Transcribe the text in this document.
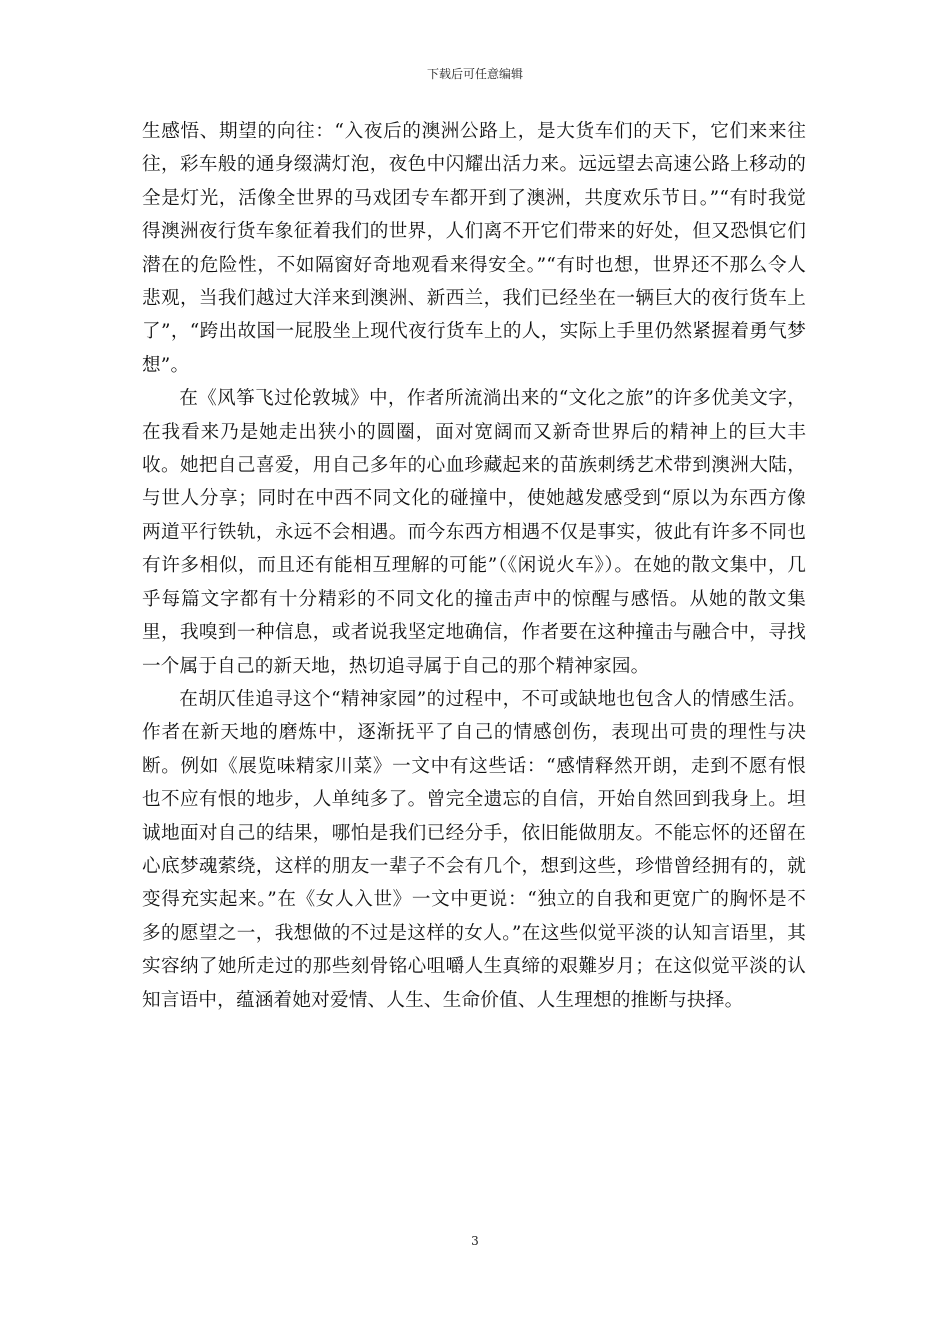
下载后可任意编辑

生感悟、期望的向往：“入夜后的澳洲公路上，是大货车们的天下，它们来来往往，彩车般的通身缀满灯泡，夜色中闪耀出活力来。远远望去高速公路上移动的全是灯光，活像全世界的马戏团专车都开到了澳洲，共度欢乐节日。”“有时我觉得澳洲夜行货车象征着我们的世界，人们离不开它们带来的好处，但又恐惧它们潜在的危险性，不如隔窗好奇地观看来得安全。”“有时也想，世界还不那么令人悲观，当我们越过大洋来到澳洲、新西兰，我们已经坐在一辆巨大的夜行货车上了”，“跨出故国一屁股坐上现代夜行货车上的人，实际上手里仍然紧握着勇气梦想”。

在《风筝飞过伦敦城》中，作者所流淌出来的“文化之旅”的许多优美文字，在我看来乃是她走出狭小的圆圈，面对宽阔而又新奇世界后的精神上的巨大丰收。她把自己喜爱，用自己多年的心血珍藏起来的苗族刺绣艺术带到澳洲大陆，与世人分享；同时在中西不同文化的碰撞中，使她越发感受到“原以为东西方像两道平行铁轨，永远不会相遇。而今东西方相遇不仅是事实，彼此有许多不同也有许多相似，而且还有能相互理解的可能”（《闲说火车》）。在她的散文集中，几乎每篇文字都有十分精彩的不同文化的撞击声中的惊醒与感悟。从她的散文集里，我嗅到一种信息，或者说我坚定地确信，作者要在这种撞击与融合中，寻找一个属于自己的新天地，热切追寻属于自己的那个精神家园。

在胡仄佳追寻这个“精神家园”的过程中，不可或缺地也包含人的情感生活。作者在新天地的磨炼中，逐渐抚平了自己的情感创伤，表现出可贵的理性与决断。例如《展览味精家川菜》一文中有这些话：“感情释然开朗，走到不愿有恨也不应有恨的地步，人单纯多了。曾完全遗忘的自信，开始自然回到我身上。坦诚地面对自己的结果，哪怕是我们已经分手，依旧能做朋友。不能忘怀的还留在心底梦魂萦绕，这样的朋友一辈子不会有几个，想到这些，珍惜曾经拥有的，就变得充实起来。”在《女人入世》一文中更说：“独立的自我和更宽广的胸怀是不多的愿望之一，我想做的不过是这样的女人。”在这些似觉平淡的认知言语里，其实容纳了她所走过的那些刻骨铭心咀嚼人生真缔的艰難岁月；在这似觉平淡的认知言语中，蕴涵着她对爱情、人生、生命价值、人生理想的推断与抉择。

3
